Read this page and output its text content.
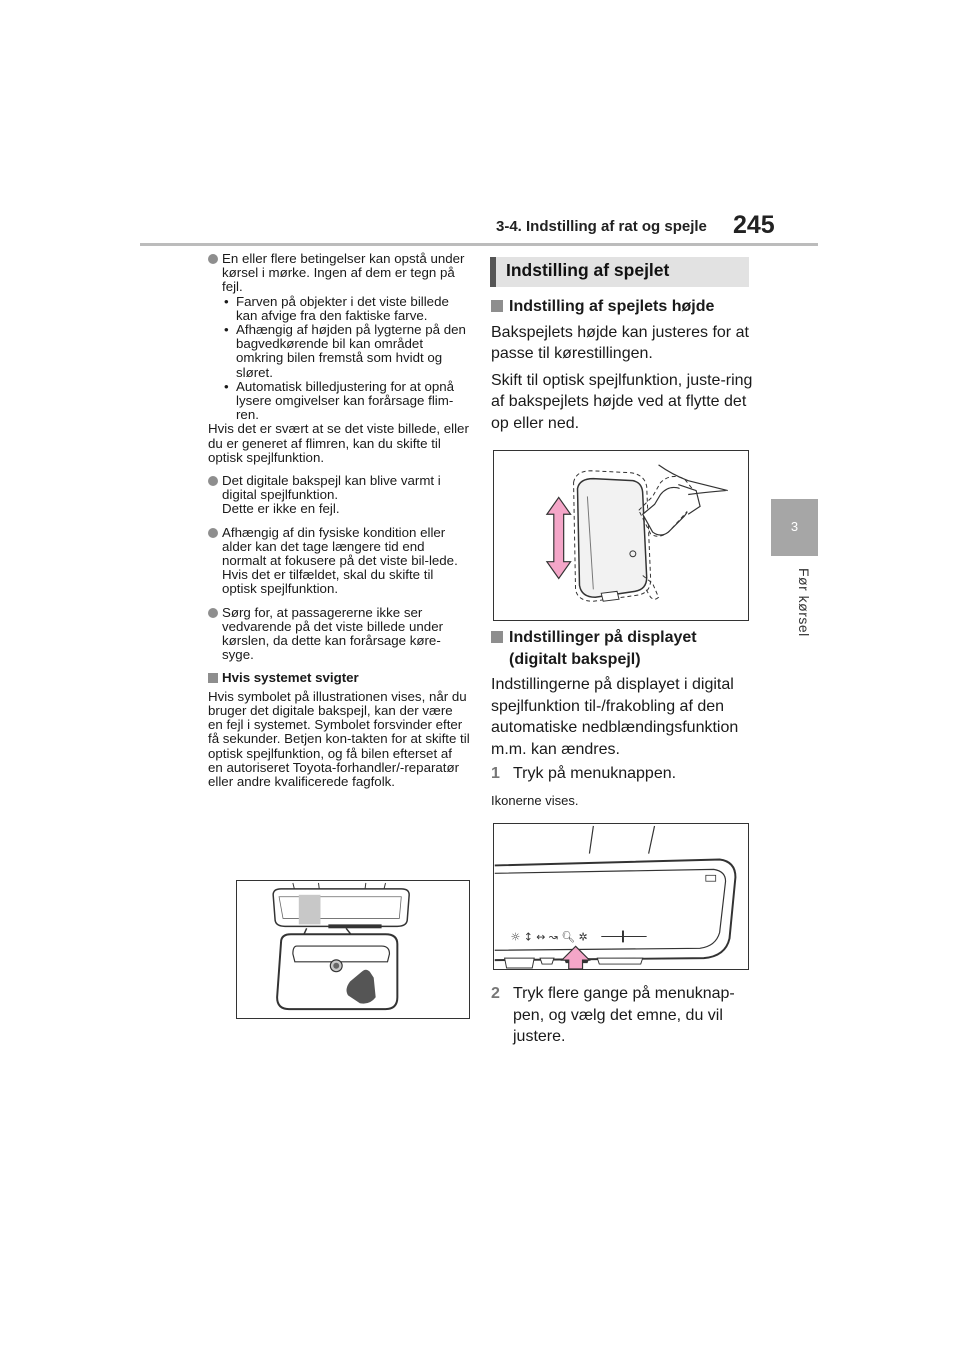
3-4. Indstilling af rat og spejle 245
3
Før kørsel
En eller flere betingelser kan opstå under kørsel i mørke. Ingen af dem er tegn på fejl.
• Farven på objekter i det viste billede kan afvige fra den faktiske farve.
• Afhængig af højden på lygterne på den bagvedkørende bil kan området omkring bilen fremstå som hvidt og sløret.
• Automatisk billedjustering for at opnå lysere omgivelser kan forårsage flim-ren.
Hvis det er svært at se det viste billede, eller du er generet af flimren, kan du skifte til optisk spejlfunktion.
Det digitale bakspejl kan blive varmt i digital spejlfunktion.
Dette er ikke en fejl.
Afhængig af din fysiske kondition eller alder kan det tage længere tid end normalt at fokusere på det viste bil-lede. Hvis det er tilfældet, skal du skifte til optisk spejlfunktion.
Sørg for, at passagererne ikke ser vedvarende på det viste billede under kørslen, da dette kan forårsage køre-syge.
Hvis systemet svigter
Hvis symbolet på illustrationen vises, når du bruger det digitale bakspejl, kan der være en fejl i systemet. Symbolet forsvinder efter få sekunder. Betjen kon-takten for at skifte til optisk spejlfunktion, og få bilen efterset af en autoriseret Toyota-forhandler/-reparatør eller andre kvalificerede fagfolk.
Indstilling af spejlet
Indstilling af spejlets højde

Bakspejlets højde kan justeres for at passe til kørestillingen.

Skift til optisk spejlfunktion, juste-ring af bakspejlets højde ved at flytte det op eller ned.

Indstillinger på displayet (digitalt bakspejl)

Indstillingerne på displayet i digital spejlfunktion til-/frakobling af den automatiske nedblændingsfunktion m.m. kan ændres.

1 Tryk på menuknappen.
Ikonerne vises.
☼ ↕ ↔ ↝ 🔍︎ ✲
2 Tryk flere gange på menuknap-pen, og vælg det emne, du vil justere.
